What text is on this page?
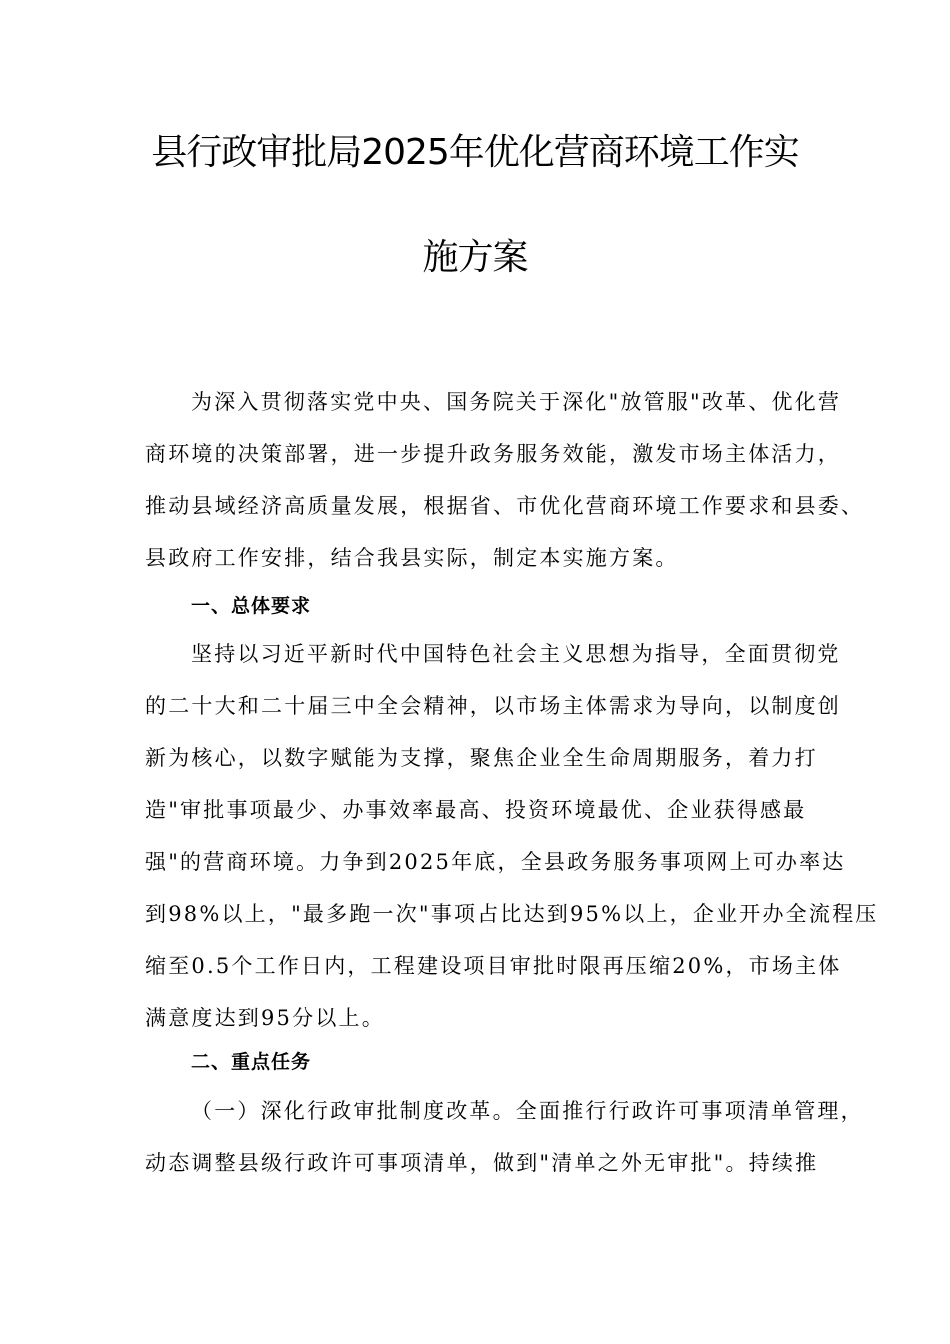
县行政审批局2025年优化营商环境工作实
施方案
为深入贯彻落实党中央、国务院关于深化"放管服"改革、优化营
商环境的决策部署，进一步提升政务服务效能，激发市场主体活力，
推动县域经济高质量发展，根据省、市优化营商环境工作要求和县委、
县政府工作安排，结合我县实际，制定本实施方案。
一、总体要求
坚持以习近平新时代中国特色社会主义思想为指导，全面贯彻党
的二十大和二十届三中全会精神，以市场主体需求为导向，以制度创
新为核心，以数字赋能为支撑，聚焦企业全生命周期服务，着力打
造"审批事项最少、办事效率最高、投资环境最优、企业获得感最
强"的营商环境。力争到2025年底，全县政务服务事项网上可办率达
到98%以上，"最多跑一次"事项占比达到95%以上，企业开办全流程压
缩至0.5个工作日内，工程建设项目审批时限再压缩20%，市场主体
满意度达到95分以上。
二、重点任务
（一）深化行政审批制度改革。全面推行行政许可事项清单管理，
动态调整县级行政许可事项清单，做到"清单之外无审批"。持续推
